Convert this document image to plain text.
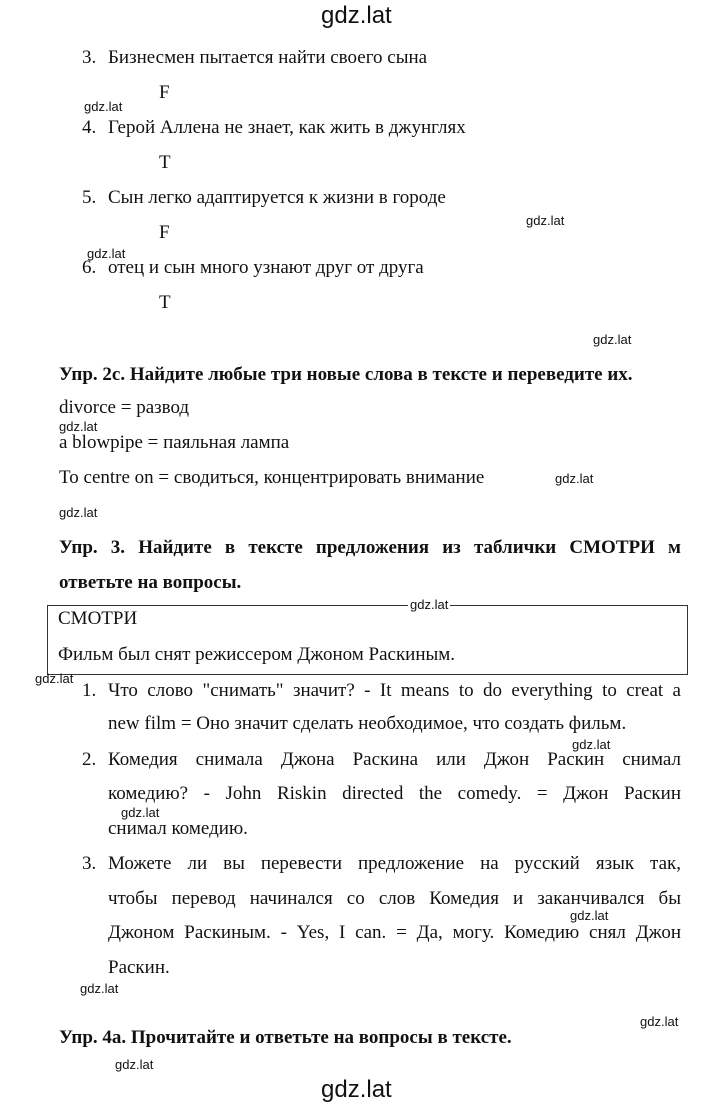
gdz.lat
3. Бизнесмен пытается найти своего сына
F
4. Герой Аллена не знает, как жить в джунглях
T
5. Сын легко адаптируется к жизни в городе
F
6. отец и сын много узнают друг от друга
T
Упр. 2с. Найдите любые три новые слова в тексте и переведите их.
divorce = развод
a blowpipe = паяльная лампа
To centre on = сводиться, концентрировать внимание
Упр. 3. Найдите в тексте предложения из таблички СМОТРИ м
ответьте на вопросы.
gdz.lat
СМОТРИ
Фильм был снят режиссером Джоном Раскиным.
1. Что слово "снимать" значит? - It means to do everything to creat a
new film = Оно значит сделать необходимое, что создать фильм.
2. Комедия снимала Джона Раскина или Джон Раскин снимал
комедию? - John Riskin directed the comedy. = Джон Раскин
снимал комедию.
3. Можете ли вы перевести предложение на русский язык так,
чтобы перевод начинался со слов Комедия и заканчивался бы
Джоном Раскиным. - Yes, I can. = Да, могу. Комедию снял Джон
Раскин.
Упр. 4а. Прочитайте и ответьте на вопросы в тексте.
gdz.lat
gdz.lat
gdz.lat
gdz.lat
gdz.lat
gdz.lat
gdz.lat
gdz.lat
gdz.lat
gdz.lat
gdz.lat
gdz.lat
gdz.lat
gdz.lat
gdz.lat
